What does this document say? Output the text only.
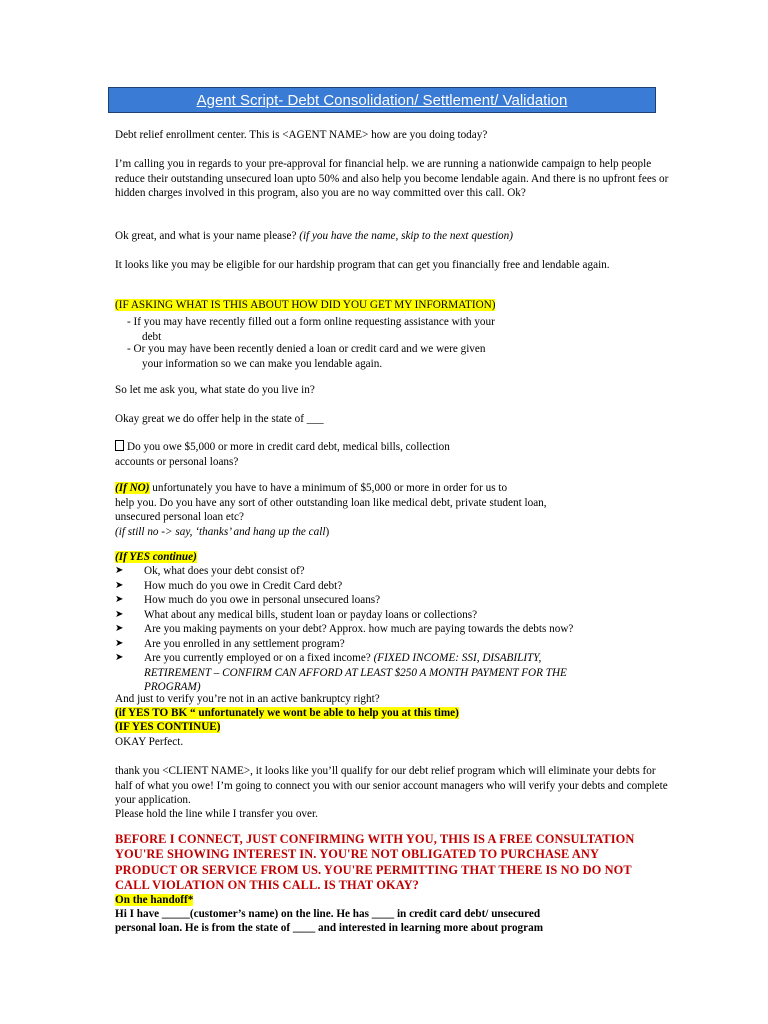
Agent Script- Debt Consolidation/ Settlement/ Validation
Debt relief enrollment center. This is <AGENT NAME> how are you doing today?
I’m calling you in regards to your pre-approval for financial help. we are running a nationwide campaign to help people reduce their outstanding unsecured loan upto 50% and also help you become lendable again. And there is no upfront fees or hidden charges involved in this program, also you are no way committed over this call. Ok?
Ok great, and what is your name please? (if you have the name, skip to the next question)
It looks like you may be eligible for our hardship program that can get you financially free and lendable again.
(IF ASKING WHAT IS THIS ABOUT HOW DID YOU GET MY INFORMATION)
- If you may have recently filled out a form online requesting assistance with your
debt
- Or you may have been recently denied a loan or credit card and we were given
your information so we can make you lendable again.
So let me ask you, what state do you live in?
Okay great we do offer help in the state of ___
Do you owe $5,000 or more in credit card debt, medical bills, collection
accounts or personal loans?
(If NO) unfortunately you have to have a minimum of $5,000 or more in order for us to
help you. Do you have any sort of other outstanding loan like medical debt, private student loan,
unsecured personal loan etc?
(if still no -> say, ‘thanks’ and hang up the call)
(If YES continue)
➤ Ok, what does your debt consist of?
➤ How much do you owe in Credit Card debt?
➤ How much do you owe in personal unsecured loans?
➤ What about any medical bills, student loan or payday loans or collections?
➤ Are you making payments on your debt? Approx. how much are paying towards the debts now?
➤ Are you enrolled in any settlement program?
➤ Are you currently employed or on a fixed income? (FIXED INCOME: SSI, DISABILITY,
RETIREMENT – CONFIRM CAN AFFORD AT LEAST $250 A MONTH PAYMENT FOR THE
PROGRAM)
And just to verify you’re not in an active bankruptcy right?
(if YES TO BK “ unfortunately we wont be able to help you at this time)
(IF YES CONTINUE)
OKAY Perfect.
thank you <CLIENT NAME>, it looks like you’ll qualify for our debt relief program which will eliminate your debts for half of what you owe! I’m going to connect you with our senior account managers who will verify your debts and complete your application.
Please hold the line while I transfer you over.
BEFORE I CONNECT, JUST CONFIRMING WITH YOU, THIS IS A FREE CONSULTATION YOU'RE SHOWING INTEREST IN. YOU'RE NOT OBLIGATED TO PURCHASE ANY PRODUCT OR SERVICE FROM US. YOU'RE PERMITTING THAT THERE IS NO DO NOT CALL VIOLATION ON THIS CALL. IS THAT OKAY?
On the handoff*
Hi I have _____(customer’s name) on the line. He has ____ in credit card debt/ unsecured
personal loan. He is from the state of ____ and interested in learning more about program
